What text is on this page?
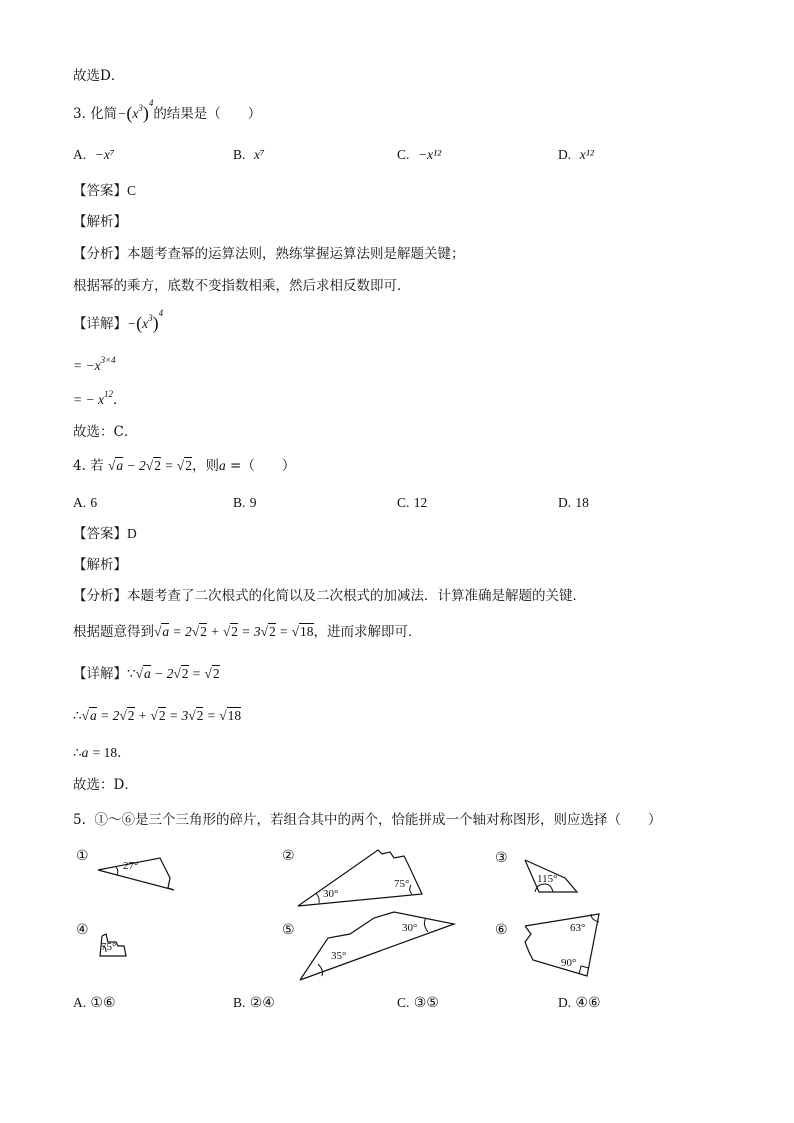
故选D．
3. 化简$-(x^3)^4$的结果是（　　）
A. −x⁷	B. x⁷	C. −x¹²	D. x¹²
【答案】C
【解析】
【分析】本题考查幂的运算法则，熟练掌握运算法则是解题关键；
根据幂的乘方，底数不变指数相乘，然后求相反数即可．
【详解】$-(x^3)^4$
= $-x^{3\times 4}$
= − $x^{12}$．
故选：C．
4. 若 √a − 2√2 = √2，则a =（　　）
A. 6	B. 9	C. 12	D. 18
【答案】D
【解析】
【分析】本题考查了二次根式的化简以及二次根式的加减法．计算准确是解题的关键．
根据题意得到√a = 2√2 + √2 = 3√2 = √18，进而求解即可．
【详解】∵√a − 2√2 = √2
∴√a = 2√2 + √2 = 3√2 = √18
∴a = 18．
故选：D．
5. ①～⑥是三个三角形的碎片，若组合其中的两个，恰能拼成一个轴对称图形，则应选择（　　）
①
27°
②
30°
75°
③
115°
④
75°
⑤
35°
30°	⑥	63°
90°
A. ①⑥	B. ②④	C. ③⑤	D. ④⑥
